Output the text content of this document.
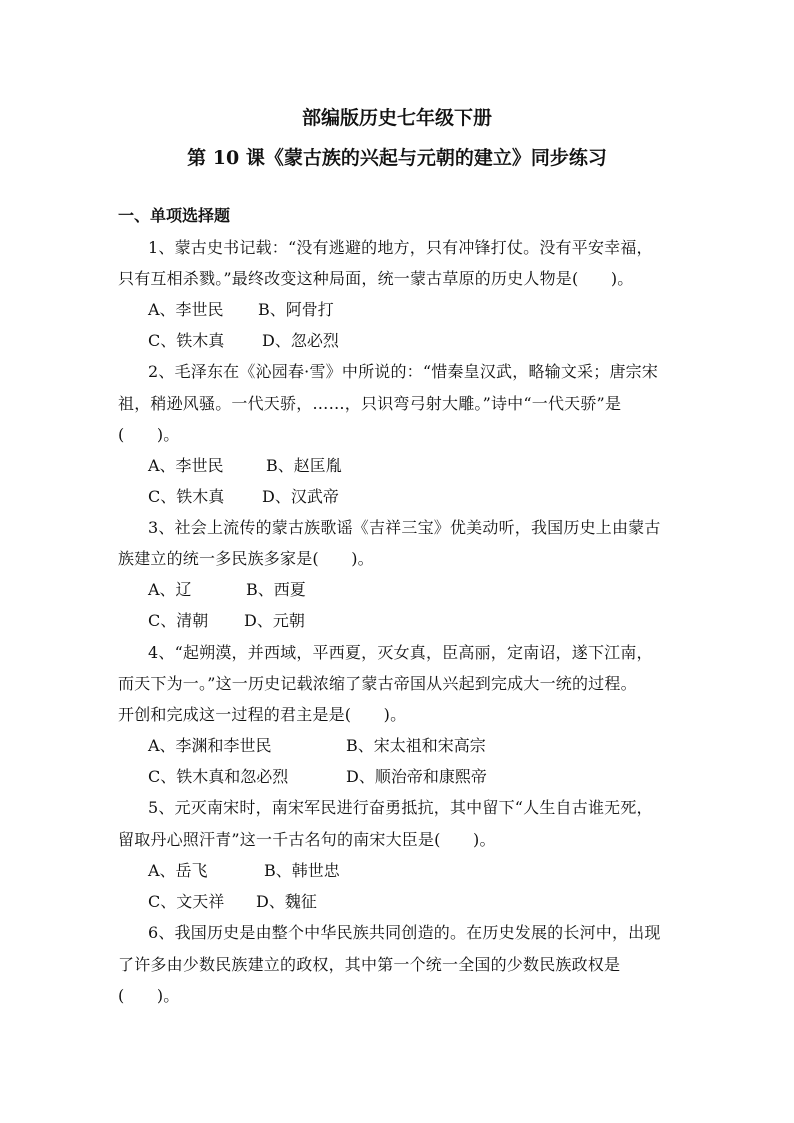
部编版历史七年级下册
第 10 课《蒙古族的兴起与元朝的建立》同步练习
一、单项选择题
1、蒙古史书记载：“没有逃避的地方，只有冲锋打仗。没有平安幸福，
只有互相杀戮。”最终改变这种局面，统一蒙古草原的历史人物是(　　)。
A、李世民 B、阿骨打
C、铁木真 D、忽必烈
2、毛泽东在《沁园春·雪》中所说的：“惜秦皇汉武，略输文采；唐宗宋
祖，稍逊风骚。一代天骄，……，只识弯弓射大雕。”诗中“一代天骄”是
(　　)。
A、李世民	B、赵匡胤
C、铁木真 D、汉武帝
3、社会上流传的蒙古族歌谣《吉祥三宝》优美动听，我国历史上由蒙古
族建立的统一多民族多家是(　　)。
A、辽	B、西夏
C、清朝 D、元朝
4、“起朔漠，并西域，平西夏，灭女真，臣高丽，定南诏，遂下江南，
而天下为一。”这一历史记载浓缩了蒙古帝国从兴起到完成大一统的过程。
开创和完成这一过程的君主是是(　　)。
A、李渊和李世民	B、宋太祖和宋高宗
C、铁木真和忽必烈	D、顺治帝和康熙帝
5、元灭南宋时，南宋军民进行奋勇抵抗，其中留下“人生自古谁无死，
留取丹心照汗青”这一千古名句的南宋大臣是(　　)。
A、岳飞	B、韩世忠
C、文天祥 D、魏征
6、我国历史是由整个中华民族共同创造的。在历史发展的长河中，出现
了许多由少数民族建立的政权，其中第一个统一全国的少数民族政权是
(　　)。
